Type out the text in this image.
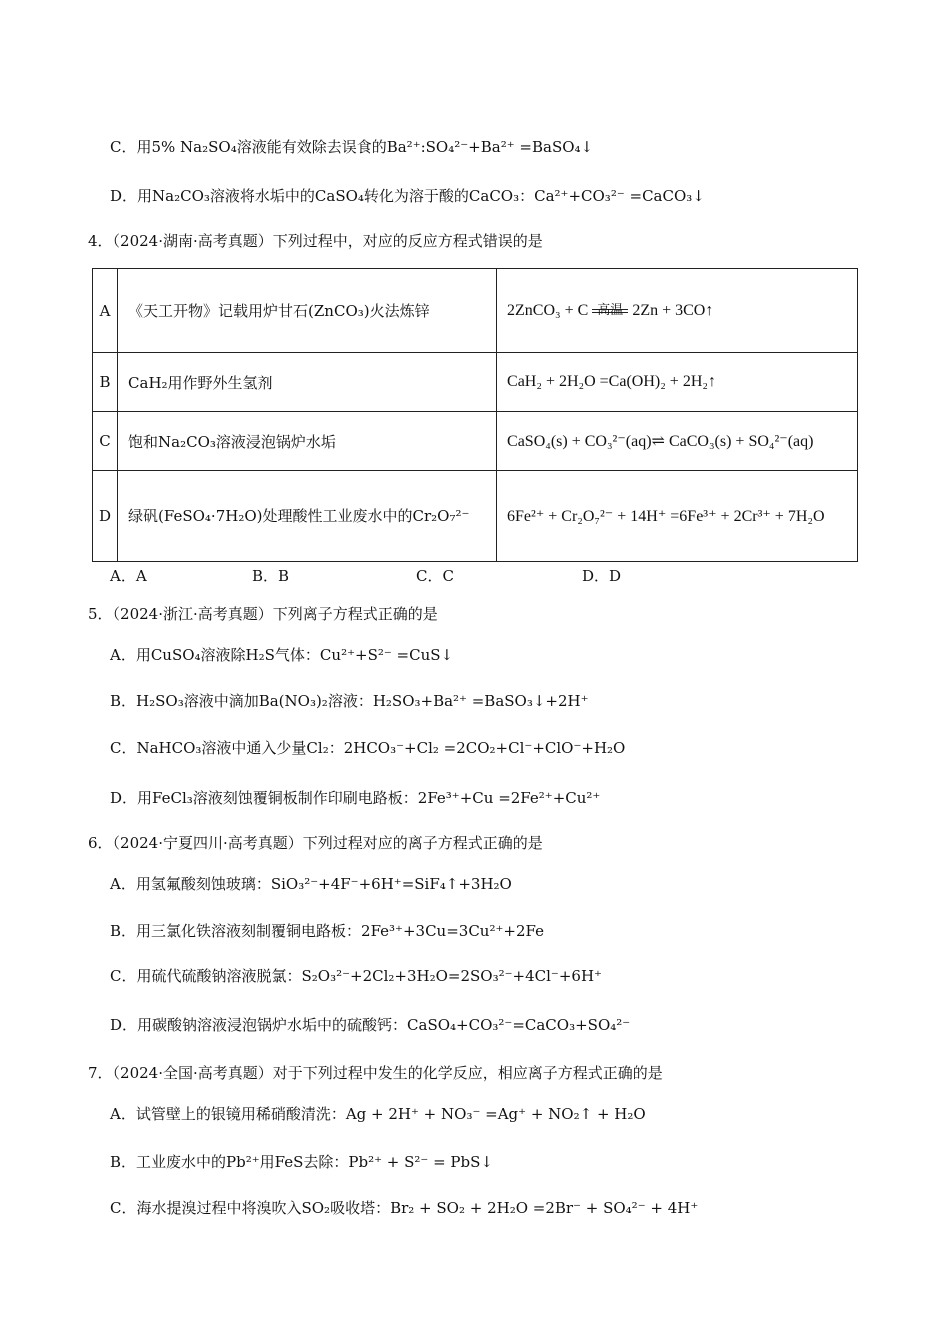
C．用5% Na₂SO₄溶液能有效除去误食的Ba²⁺:SO₄²⁻+Ba²⁺ =BaSO₄↓
D．用Na₂CO₃溶液将水垢中的CaSO₄转化为溶于酸的CaCO₃：Ca²⁺+CO₃²⁻ =CaCO₃↓
4．（2024·湖南·高考真题）下列过程中，对应的反应方程式错误的是
A	《天工开物》记载用炉甘石(ZnCO₃)火法炼锌	2ZnCO₃ + C 高温 2Zn + 3CO↑
B	CaH₂用作野外生氢剂	CaH₂ + 2H₂O =Ca(OH)₂ + 2H₂↑
C	饱和Na₂CO₃溶液浸泡锅炉水垢	CaSO₄(s) + CO₃²⁻(aq)⇌ CaCO₃(s) + SO₄²⁻(aq)
D	绿矾(FeSO₄·7H₂O)处理酸性工业废水中的Cr₂O₇²⁻	6Fe²⁺ + Cr₂O₇²⁻ + 14H⁺ =6Fe³⁺ + 2Cr³⁺ + 7H₂O
A．A	B．B	C．C	D．D
5．（2024·浙江·高考真题）下列离子方程式正确的是
A．用CuSO₄溶液除H₂S气体：Cu²⁺+S²⁻ =CuS↓
B．H₂SO₃溶液中滴加Ba(NO₃)₂溶液：H₂SO₃+Ba²⁺ =BaSO₃↓+2H⁺
C．NaHCO₃溶液中通入少量Cl₂：2HCO₃⁻+Cl₂ =2CO₂+Cl⁻+ClO⁻+H₂O
D．用FeCl₃溶液刻蚀覆铜板制作印刷电路板：2Fe³⁺+Cu =2Fe²⁺+Cu²⁺
6．（2024·宁夏四川·高考真题）下列过程对应的离子方程式正确的是
A．用氢氟酸刻蚀玻璃：SiO₃²⁻+4F⁻+6H⁺=SiF₄↑+3H₂O
B．用三氯化铁溶液刻制覆铜电路板：2Fe³⁺+3Cu=3Cu²⁺+2Fe
C．用硫代硫酸钠溶液脱氯：S₂O₃²⁻+2Cl₂+3H₂O=2SO₃²⁻+4Cl⁻+6H⁺
D．用碳酸钠溶液浸泡锅炉水垢中的硫酸钙：CaSO₄+CO₃²⁻=CaCO₃+SO₄²⁻
7．（2024·全国·高考真题）对于下列过程中发生的化学反应，相应离子方程式正确的是
A．试管壁上的银镜用稀硝酸清洗：Ag + 2H⁺ + NO₃⁻ =Ag⁺ + NO₂↑ + H₂O
B．工业废水中的Pb²⁺用FeS去除：Pb²⁺ + S²⁻ = PbS↓
C．海水提溴过程中将溴吹入SO₂吸收塔：Br₂ + SO₂ + 2H₂O =2Br⁻ + SO₄²⁻ + 4H⁺
